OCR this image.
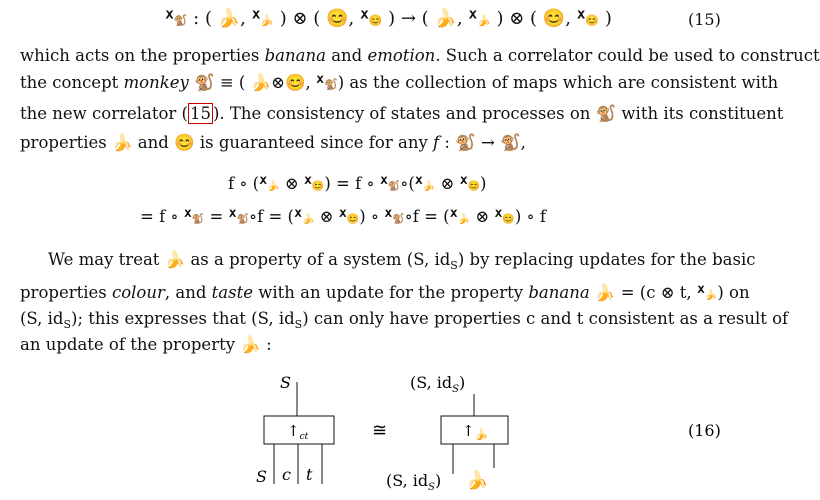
ᕽ🐒 : ( 🍌, ᕽ🍌 ) ⊗ ( 😊, ᕽ😊 ) → ( 🍌, ᕽ🍌 ) ⊗ ( 😊, ᕽ😊 )	(15)
which acts on the properties banana and emotion. Such a correlator could be used to construct
the concept monkey 🐒 ≡ ( 🍌⊗😊, ᕽ🐒) as the collection of maps which are consistent with
the new correlator ( 15 ). The consistency of states and processes on 🐒 with its constituent
properties 🍌 and 😊 is guaranteed since for any f : 🐒 → 🐒,
f ∘ (ᕽ🍌 ⊗ ᕽ😊) = f ∘ ᕽ🐒∘(ᕽ🍌 ⊗ ᕽ😊)
= f ∘ ᕽ🐒 = ᕽ🐒∘f = (ᕽ🍌 ⊗ ᕽ😊) ∘ ᕽ🐒∘f = (ᕽ🍌 ⊗ ᕽ😊) ∘ f
We may treat 🍌 as a property of a system (S, $id_S$) by replacing updates for the basic
properties colour, and taste with an update for the property banana 🍌 = (c ⊗ t, ᕽ🍌) on
(S, $id_S$); this expresses that (S, $id_S$) can only have properties c and t consistent as a result of
an update of the property 🍌 :
S
$↑_{ct}$
S c t
≅
(S, $id_S$)
↑🍌
(S, $id_S$) 🍌
(16)
